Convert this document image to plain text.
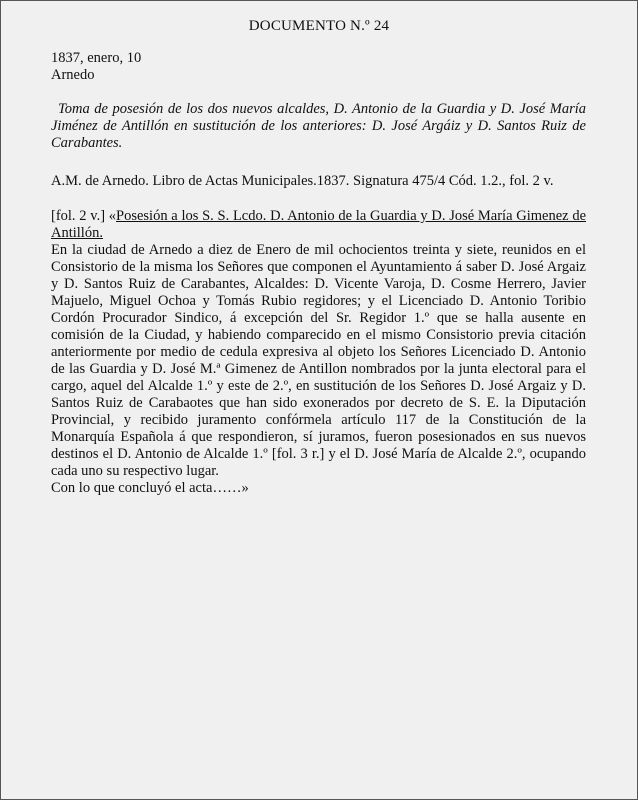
DOCUMENTO N.º 24
1837, enero, 10
Arnedo
Toma de posesión de los dos nuevos alcaldes, D. Antonio de la Guardia y D. José María Jiménez de Antillón en sustitución de los anteriores: D. José Argáiz y D. Santos Ruiz de Carabantes.
A.M. de Arnedo. Libro de Actas Municipales.1837. Signatura 475/4 Cód. 1.2., fol. 2 v.

[fol. 2 v.] «Posesión a los S. S. Lcdo. D. Antonio de la Guardia y D. José María Gimenez de Antillón.

En la ciudad de Arnedo a diez de Enero de mil ochocientos treinta y siete, reunidos en el Consistorio de la misma los Señores que componen el Ayuntamiento á saber D. José Argaiz y D. Santos Ruiz de Carabantes, Alcaldes: D. Vicente Varoja, D. Cosme Herrero, Javier Majuelo, Miguel Ochoa y Tomás Rubio regidores; y el Licenciado D. Antonio Toribio Cordón Procurador Sindico, á excepción del Sr. Regidor 1.º que se halla ausente en comisión de la Ciudad, y habiendo comparecido en el mismo Consistorio previa citación anteriormente por medio de cedula expresiva al objeto los Señores Licenciado D. Antonio de las Guardia y D. José M.ª Gimenez de Antillon nombrados por la junta electoral para el cargo, aquel del Alcalde 1.º y este de 2.º, en sustitución de los Señores D. José Argaiz y D. Santos Ruiz de Carabaotes que han sido exonerados por decreto de S. E. la Diputación Provincial, y recibido juramento confórmela artículo 117 de la Constitución de la Monarquía Española á que respondieron, sí juramos, fueron posesionados en sus nuevos destinos el D. Antonio de Alcalde 1.º [fol. 3 r.] y el D. José María de Alcalde 2.º, ocupando cada uno su respectivo lugar.

Con lo que concluyó el acta……»
